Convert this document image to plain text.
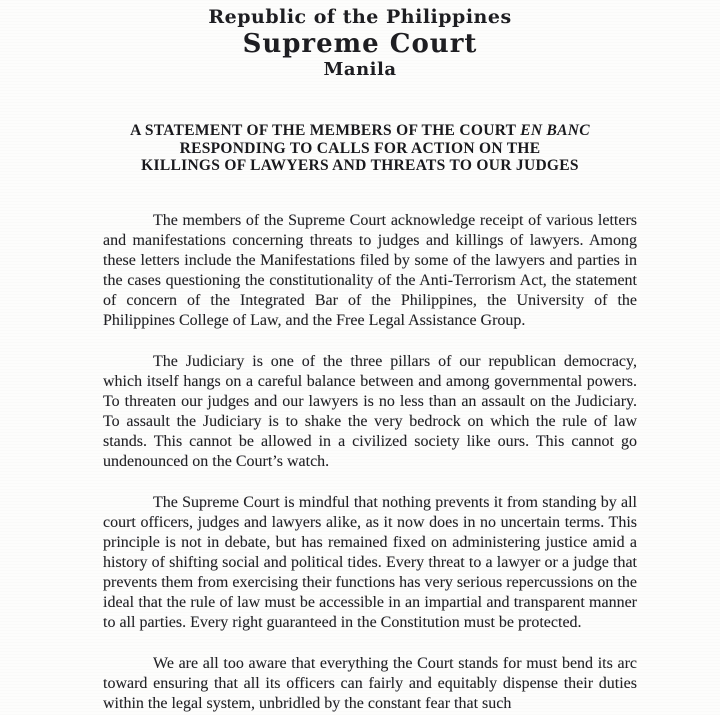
Republic of the Philippines
Supreme Court
Manila
A STATEMENT OF THE MEMBERS OF THE COURT EN BANC
RESPONDING TO CALLS FOR ACTION ON THE
KILLINGS OF LAWYERS AND THREATS TO OUR JUDGES

The members of the Supreme Court acknowledge receipt of various letters and manifestations concerning threats to judges and killings of lawyers. Among these letters include the Manifestations filed by some of the lawyers and parties in the cases questioning the constitutionality of the Anti-Terrorism Act, the statement of concern of the Integrated Bar of the Philippines, the University of the Philippines College of Law, and the Free Legal Assistance Group.

The Judiciary is one of the three pillars of our republican democracy, which itself hangs on a careful balance between and among governmental powers. To threaten our judges and our lawyers is no less than an assault on the Judiciary. To assault the Judiciary is to shake the very bedrock on which the rule of law stands. This cannot be allowed in a civilized society like ours. This cannot go undenounced on the Court’s watch.

The Supreme Court is mindful that nothing prevents it from standing by all court officers, judges and lawyers alike, as it now does in no uncertain terms. This principle is not in debate, but has remained fixed on administering justice amid a history of shifting social and political tides. Every threat to a lawyer or a judge that prevents them from exercising their functions has very serious repercussions on the ideal that the rule of law must be accessible in an impartial and transparent manner to all parties. Every right guaranteed in the Constitution must be protected.

We are all too aware that everything the Court stands for must bend its arc toward ensuring that all its officers can fairly and equitably dispense their duties within the legal system, unbridled by the constant fear that such
